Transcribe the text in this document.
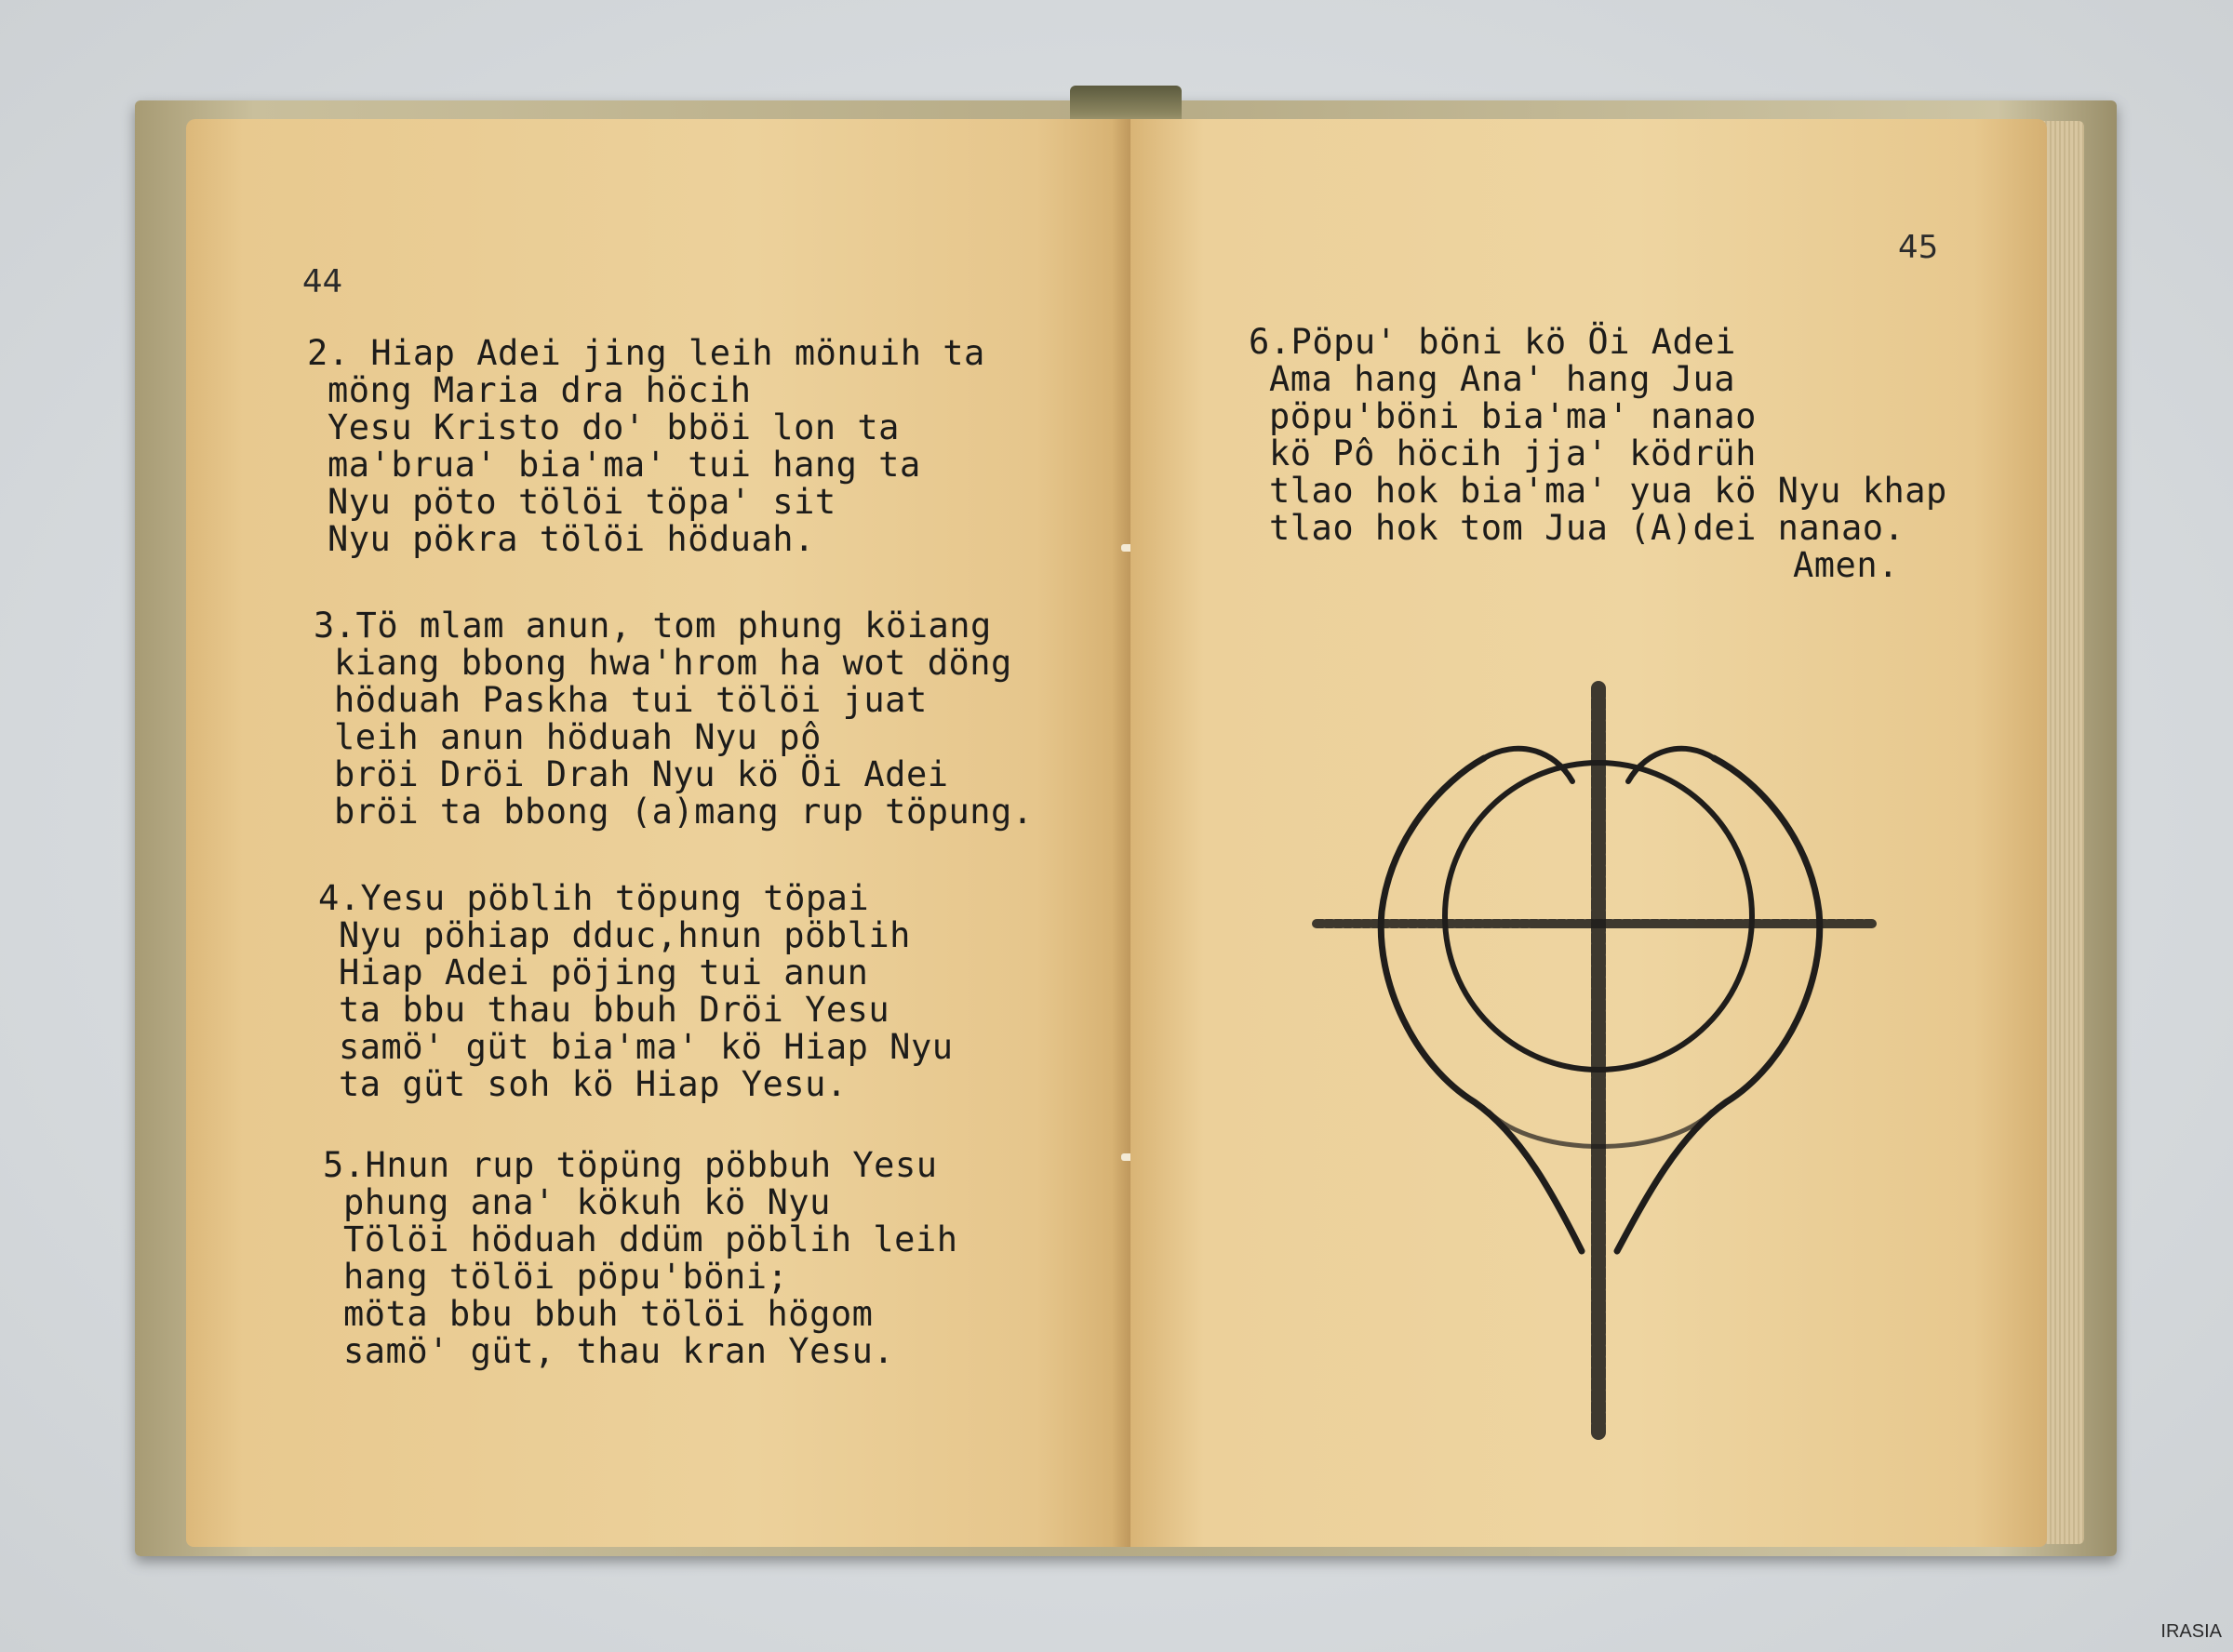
44
2. Hiap Adei jing leih mönuih ta
möng Maria dra höcih
Yesu Kristo do' bböi lon ta
ma'brua' bia'ma' tui hang ta
Nyu pöto tölöi töpa' sit
Nyu pökra tölöi höduah.
3.Tö mlam anun, tom phung köiang
kiang bbong hwa'hrom ha wot döng
höduah Paskha tui tölöi juat
leih anun höduah Nyu pô
bröi Dröi Drah Nyu kö Öi Adei
bröi ta bbong (a)mang rup töpung.
4.Yesu pöblih töpung töpai
Nyu pöhiap dduc,hnun pöblih
Hiap Adei pöjing tui anun
ta bbu thau bbuh Dröi Yesu
samö' güt bia'ma' kö Hiap Nyu
ta güt soh kö Hiap Yesu.
5.Hnun rup töpüng pöbbuh Yesu
phung ana' kökuh kö Nyu
Tölöi höduah ddüm pöblih leih
hang tölöi pöpu'böni;
möta bbu bbuh tölöi högom
samö' güt, thau kran Yesu.
45
6.Pöpu' böni kö Öi Adei
Ama hang Ana' hang Jua
pöpu'böni bia'ma' nanao
kö Pô höcih jja' ködrüh
tlao hok bia'ma' yua kö Nyu khap
tlao hok tom Jua (A)dei nanao.
Amen.
IRASIA
